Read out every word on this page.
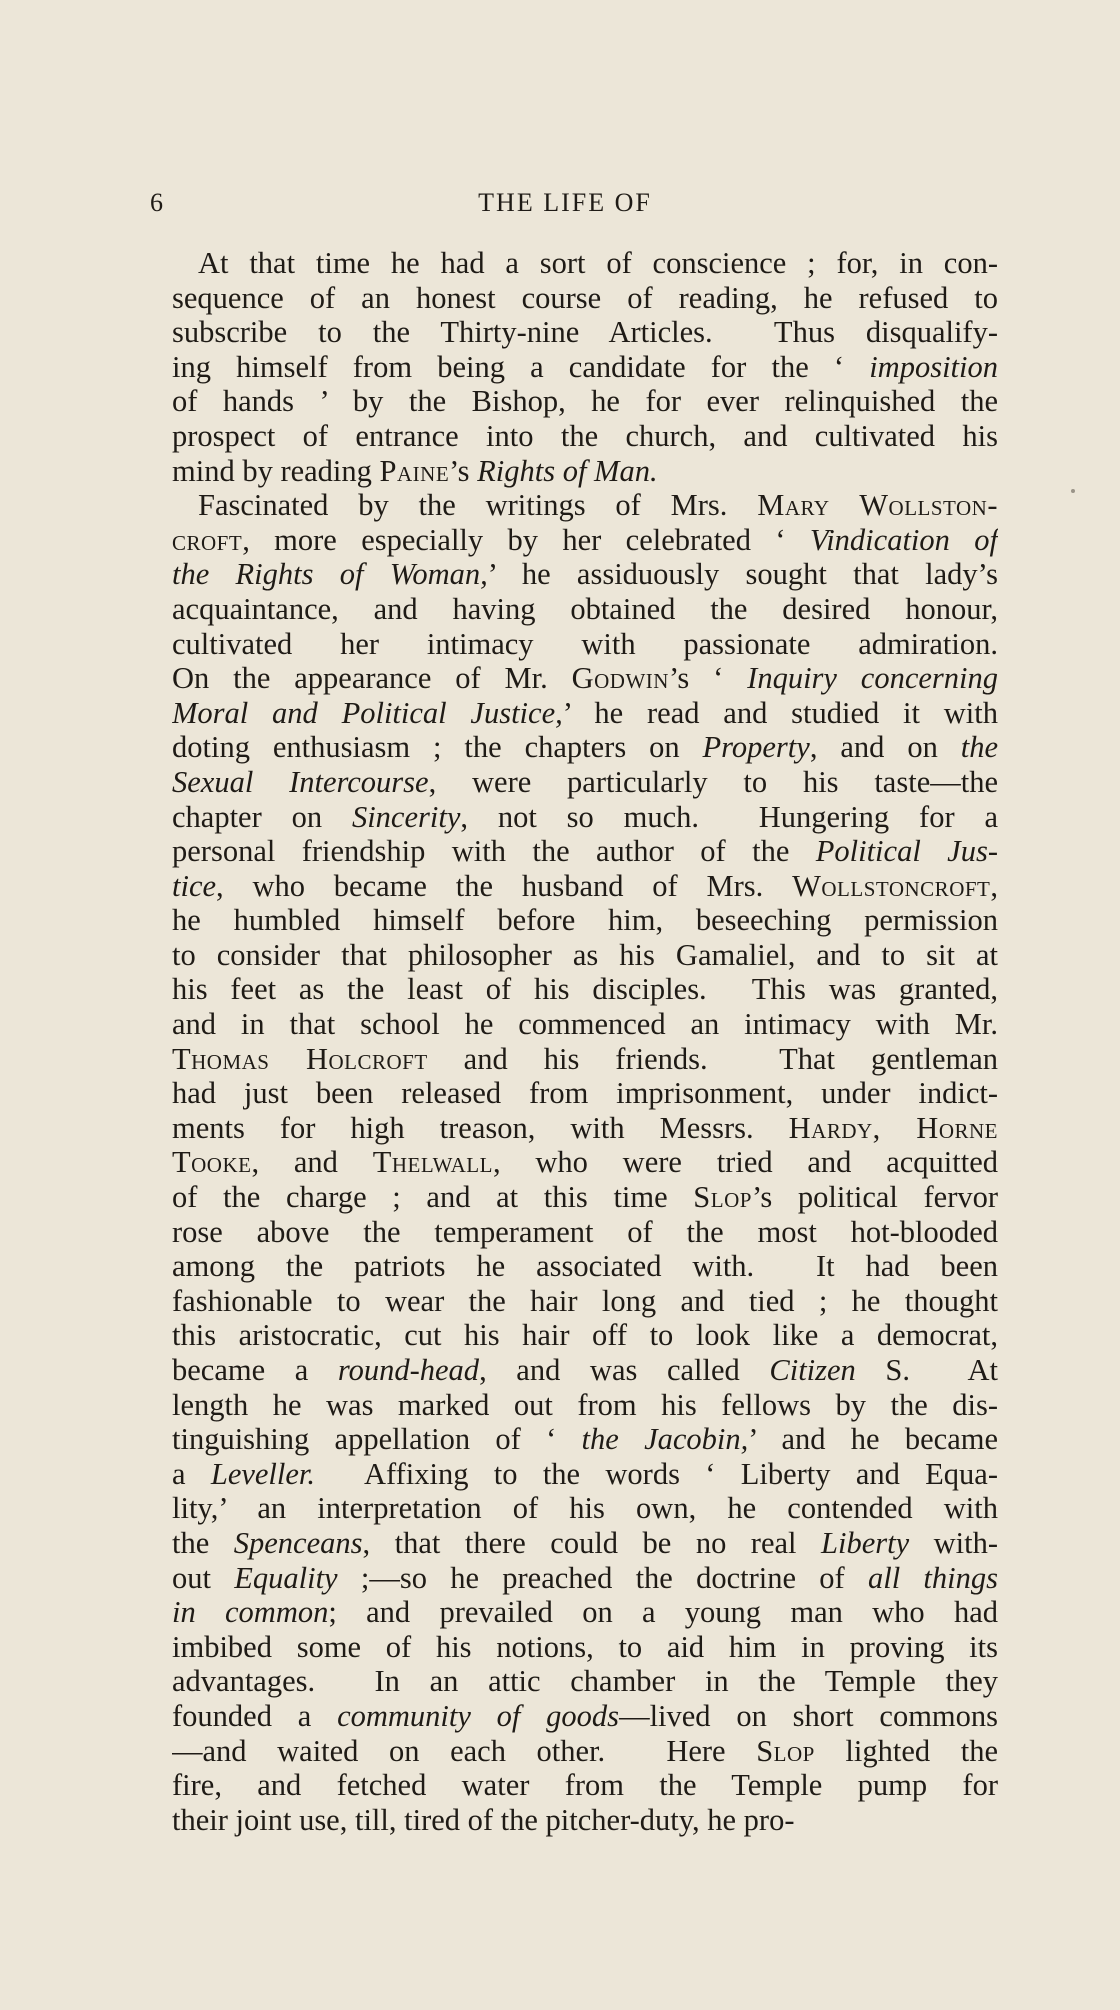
6	THE LIFE OF
At that time he had a sort of conscience ; for, in con-
sequence of an honest course of reading, he refused to
subscribe to the Thirty-nine Articles.  Thus disqualify-
ing himself from being a candidate for the ‘ imposition
of hands ’ by the Bishop, he for ever relinquished the
prospect of entrance into the church, and cultivated his
mind by reading Paine’s Rights of Man.
Fascinated by the writings of Mrs. Mary Wollston-
croft, more especially by her celebrated ‘ Vindication of
the Rights of Woman,’ he assiduously sought that lady’s
acquaintance, and having obtained the desired honour,
cultivated her intimacy with passionate admiration.
On the appearance of Mr. Godwin’s ‘ Inquiry concerning
Moral and Political Justice,’ he read and studied it with
doting enthusiasm ; the chapters on Property, and on the
Sexual Intercourse, were particularly to his taste—the
chapter on Sincerity, not so much.  Hungering for a
personal friendship with the author of the Political Jus-
tice, who became the husband of Mrs. Wollstoncroft,
he humbled himself before him, beseeching permission
to consider that philosopher as his Gamaliel, and to sit at
his feet as the least of his disciples.  This was granted,
and in that school he commenced an intimacy with Mr.
Thomas Holcroft and his friends.  That gentleman
had just been released from imprisonment, under indict-
ments for high treason, with Messrs. Hardy, Horne
Tooke, and Thelwall, who were tried and acquitted
of the charge ; and at this time Slop’s political fervor
rose above the temperament of the most hot-blooded
among the patriots he associated with.  It had been
fashionable to wear the hair long and tied ; he thought
this aristocratic, cut his hair off to look like a democrat,
became a round-head, and was called Citizen S.  At
length he was marked out from his fellows by the dis-
tinguishing appellation of ‘ the Jacobin,’ and he became
a Leveller.  Affixing to the words ‘ Liberty and Equa-
lity,’ an interpretation of his own, he contended with
the Spenceans, that there could be no real Liberty with-
out Equality ;—so he preached the doctrine of all things
in common; and prevailed on a young man who had
imbibed some of his notions, to aid him in proving its
advantages.  In an attic chamber in the Temple they
founded a community of goods—lived on short commons
—and waited on each other.  Here Slop lighted the
fire, and fetched water from the Temple pump for
their joint use, till, tired of the pitcher-duty, he pro-
